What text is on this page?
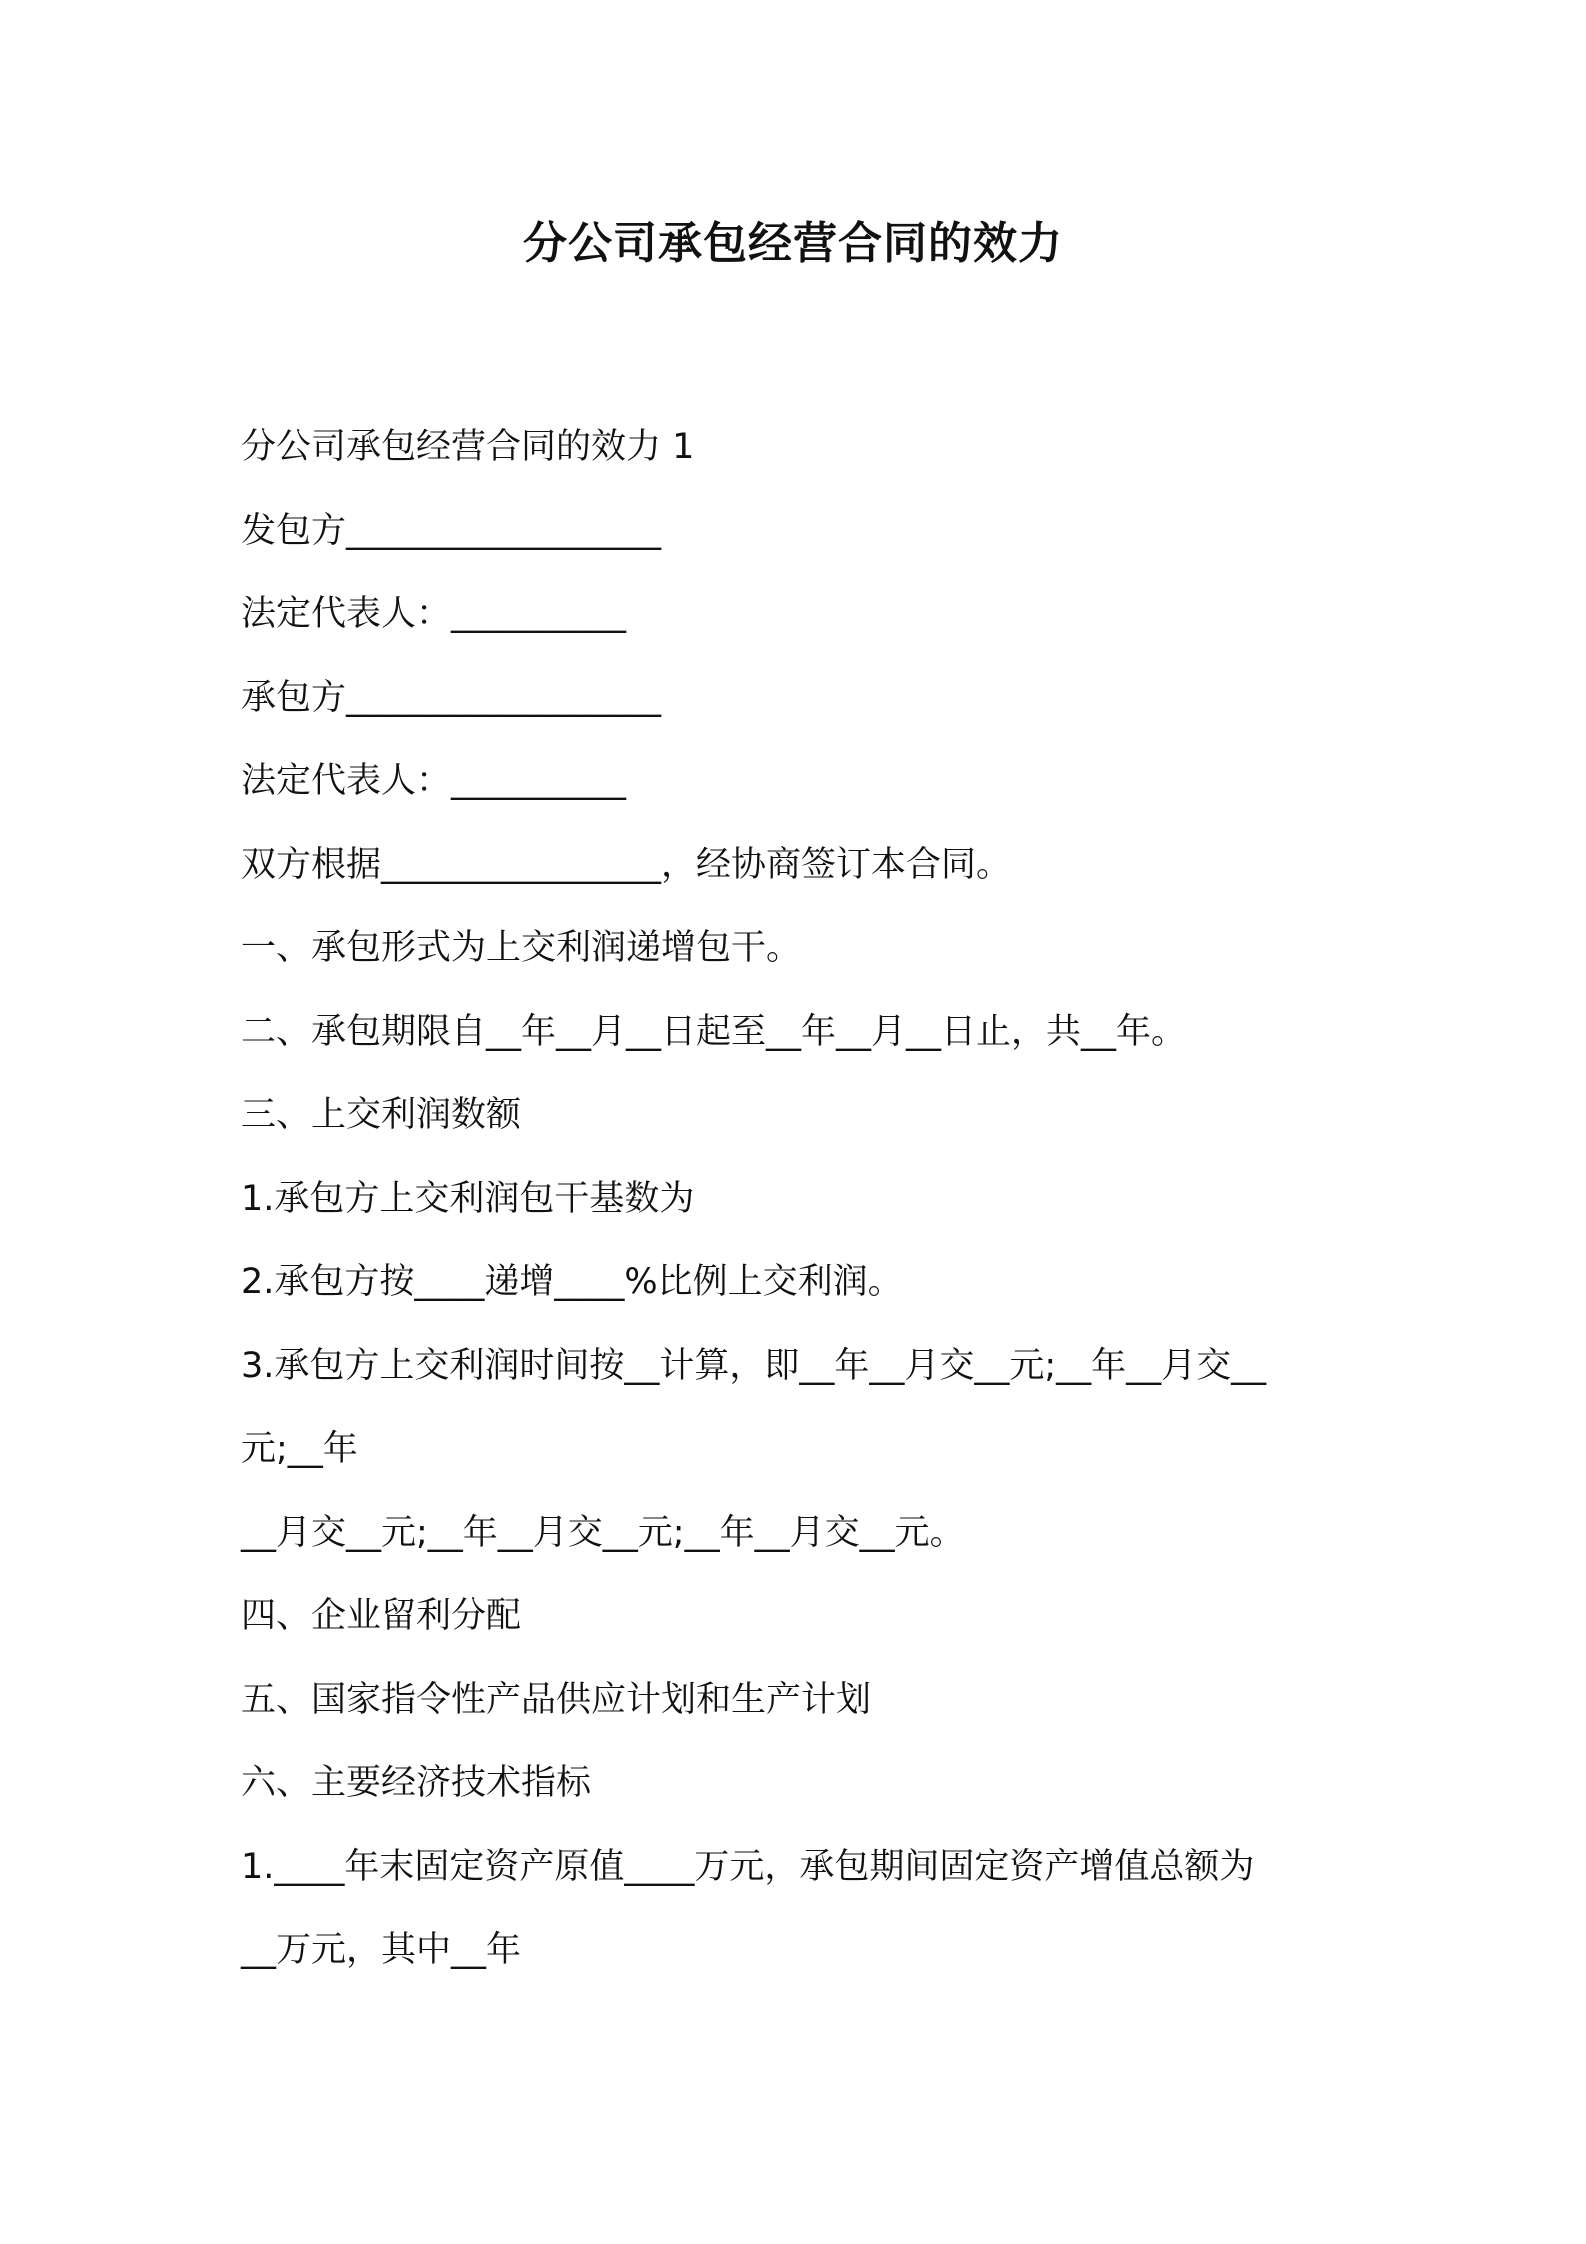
分公司承包经营合同的效力

分公司承包经营合同的效力 1

发包方__________________

法定代表人：__________

承包方__________________

法定代表人：__________

双方根据________________，经协商签订本合同。

一、承包形式为上交利润递增包干。

二、承包期限自__年__月__日起至__年__月__日止，共__年。

三、上交利润数额

1.承包方上交利润包干基数为

2.承包方按____递增____%比例上交利润。

3.承包方上交利润时间按__计算，即__年__月交__元;__年__月交__

元;__年

__月交__元;__年__月交__元;__年__月交__元。

四、企业留利分配

五、国家指令性产品供应计划和生产计划

六、主要经济技术指标

1.____年末固定资产原值____万元，承包期间固定资产增值总额为

__万元，其中__年
